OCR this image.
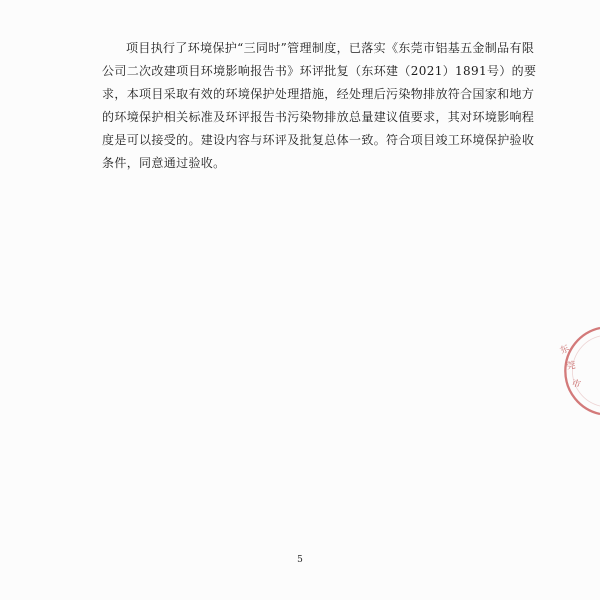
项目执行了环境保护“三同时”管理制度，已落实《东莞市铝基五金制品有限
公司二次改建项目环境影响报告书》环评批复（东环建（2021）1891号）的要
求，本项目采取有效的环境保护处理措施，经处理后污染物排放符合国家和地方
的环境保护相关标准及环评报告书污染物排放总量建议值要求，其对环境影响程
度是可以接受的。建设内容与环评及批复总体一致。符合项目竣工环境保护验收
条件，同意通过验收。
5
东
莞
市
